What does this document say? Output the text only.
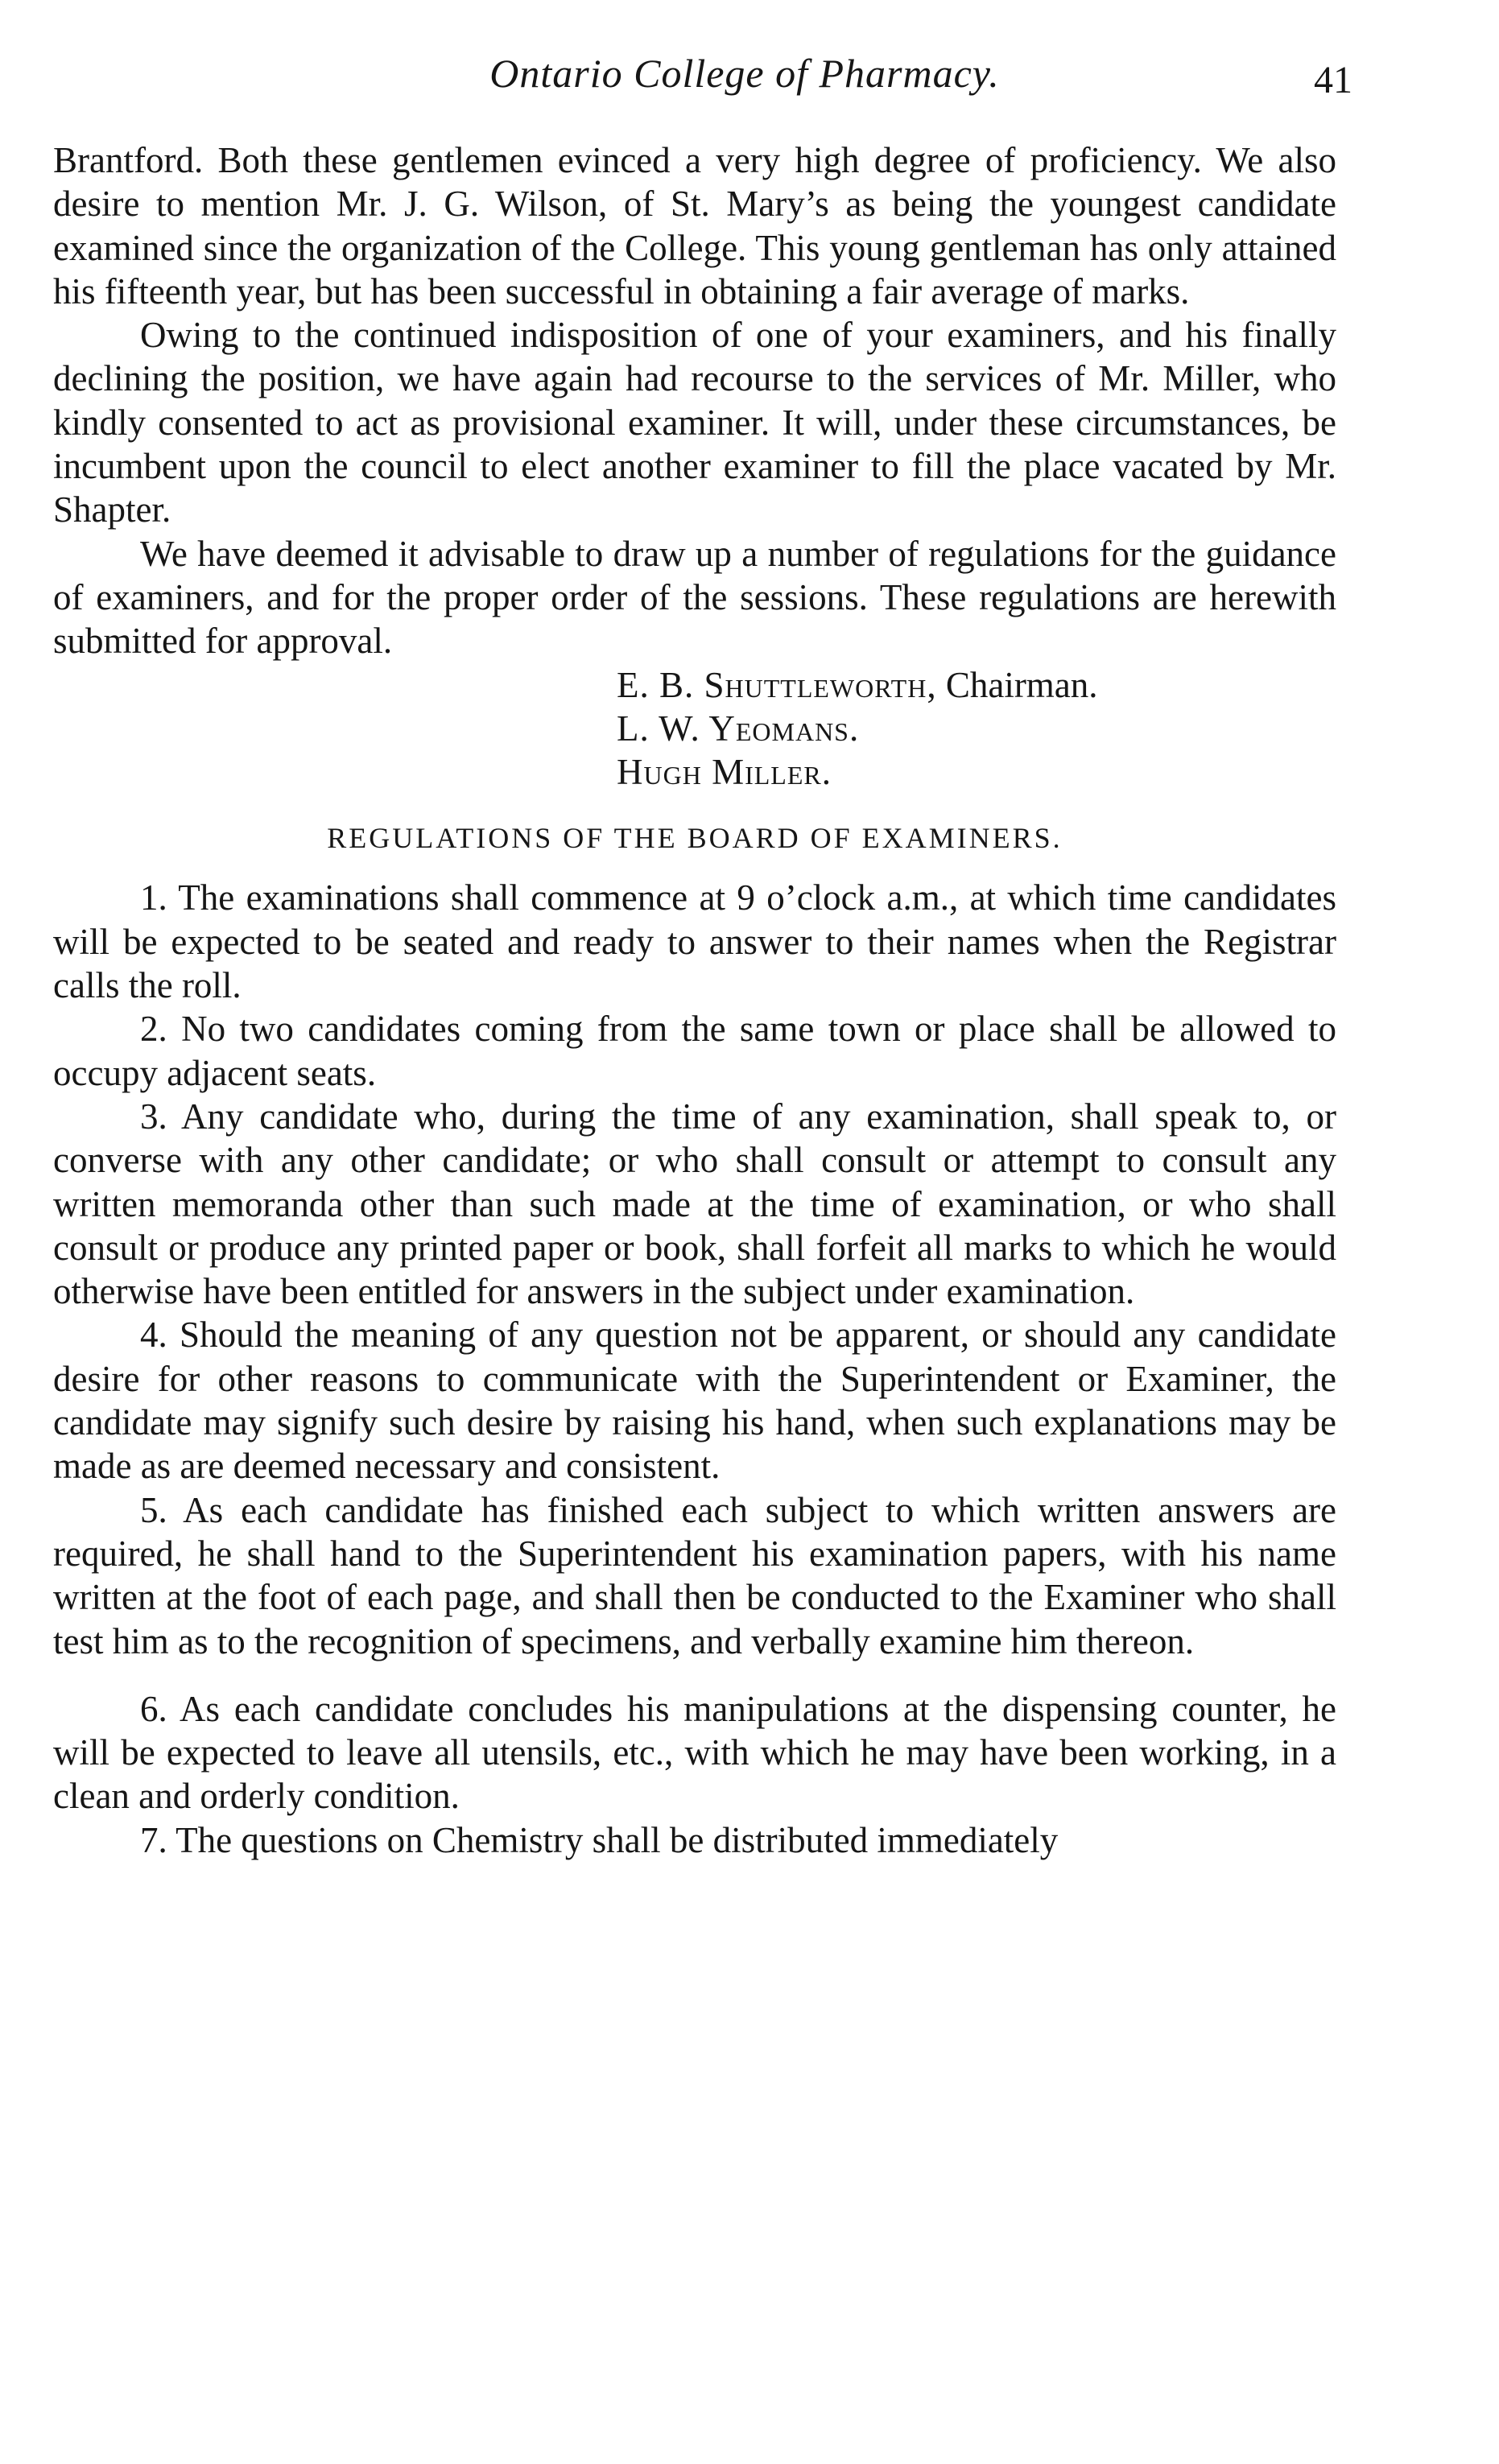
Ontario College of Pharmacy.	41

Brantford. Both these gentlemen evinced a very high degree of proficiency. We also desire to mention Mr. J. G. Wilson, of St. Mary’s as being the youngest candidate examined since the organization of the College. This young gentleman has only attained his fifteenth year, but has been successful in obtaining a fair average of marks.

Owing to the continued indisposition of one of your examiners, and his finally declining the position, we have again had recourse to the services of Mr. Miller, who kindly consented to act as provisional examiner. It will, under these circumstances, be incumbent upon the council to elect another examiner to fill the place vacated by Mr. Shapter.

We have deemed it advisable to draw up a number of regulations for the guidance of examiners, and for the proper order of the sessions. These regulations are herewith submitted for approval.

E. B. Shuttleworth, Chairman.

L. W. Yeomans.

Hugh Miller.

REGULATIONS OF THE BOARD OF EXAMINERS.

1. The examinations shall commence at 9 o’clock a.m., at which time candidates will be expected to be seated and ready to answer to their names when the Registrar calls the roll.

2. No two candidates coming from the same town or place shall be allowed to occupy adjacent seats.

3. Any candidate who, during the time of any examination, shall speak to, or converse with any other candidate; or who shall consult or attempt to consult any written memoranda other than such made at the time of examination, or who shall consult or produce any printed paper or book, shall forfeit all marks to which he would otherwise have been entitled for answers in the subject under examination.

4. Should the meaning of any question not be apparent, or should any candidate desire for other reasons to communicate with the Superintendent or Examiner, the candidate may signify such desire by raising his hand, when such explanations may be made as are deemed necessary and consistent.

5. As each candidate has finished each subject to which written answers are required, he shall hand to the Superintendent his examination papers, with his name written at the foot of each page, and shall then be conducted to the Examiner who shall test him as to the recognition of specimens, and verbally examine him thereon.

6. As each candidate concludes his manipulations at the dispensing counter, he will be expected to leave all utensils, etc., with which he may have been working, in a clean and orderly condition.

7. The questions on Chemistry shall be distributed immediately
